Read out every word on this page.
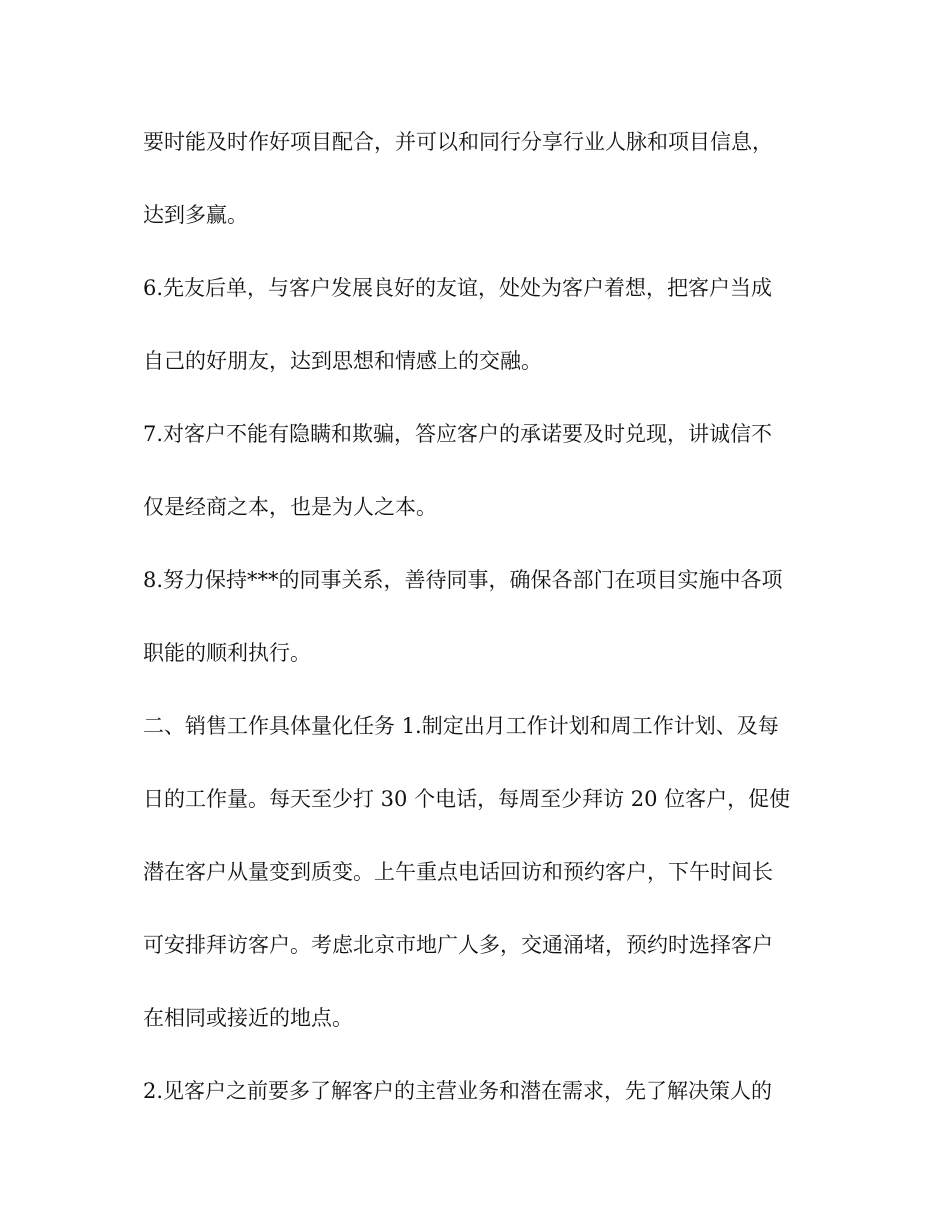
要时能及时作好项目配合，并可以和同行分享行业人脉和项目信息，
达到多赢。
6.先友后单，与客户发展良好的友谊，处处为客户着想，把客户当成
自己的好朋友，达到思想和情感上的交融。
7.对客户不能有隐瞒和欺骗，答应客户的承诺要及时兑现，讲诚信不
仅是经商之本，也是为人之本。
8.努力保持***的同事关系，善待同事，确保各部门在项目实施中各项
职能的顺利执行。
二、销售工作具体量化任务 1.制定出月工作计划和周工作计划、及每
日的工作量。每天至少打 30 个电话，每周至少拜访 20 位客户，促使
潜在客户从量变到质变。上午重点电话回访和预约客户，下午时间长
可安排拜访客户。考虑北京市地广人多，交通涌堵，预约时选择客户
在相同或接近的地点。
2.见客户之前要多了解客户的主营业务和潜在需求，先了解决策人的
